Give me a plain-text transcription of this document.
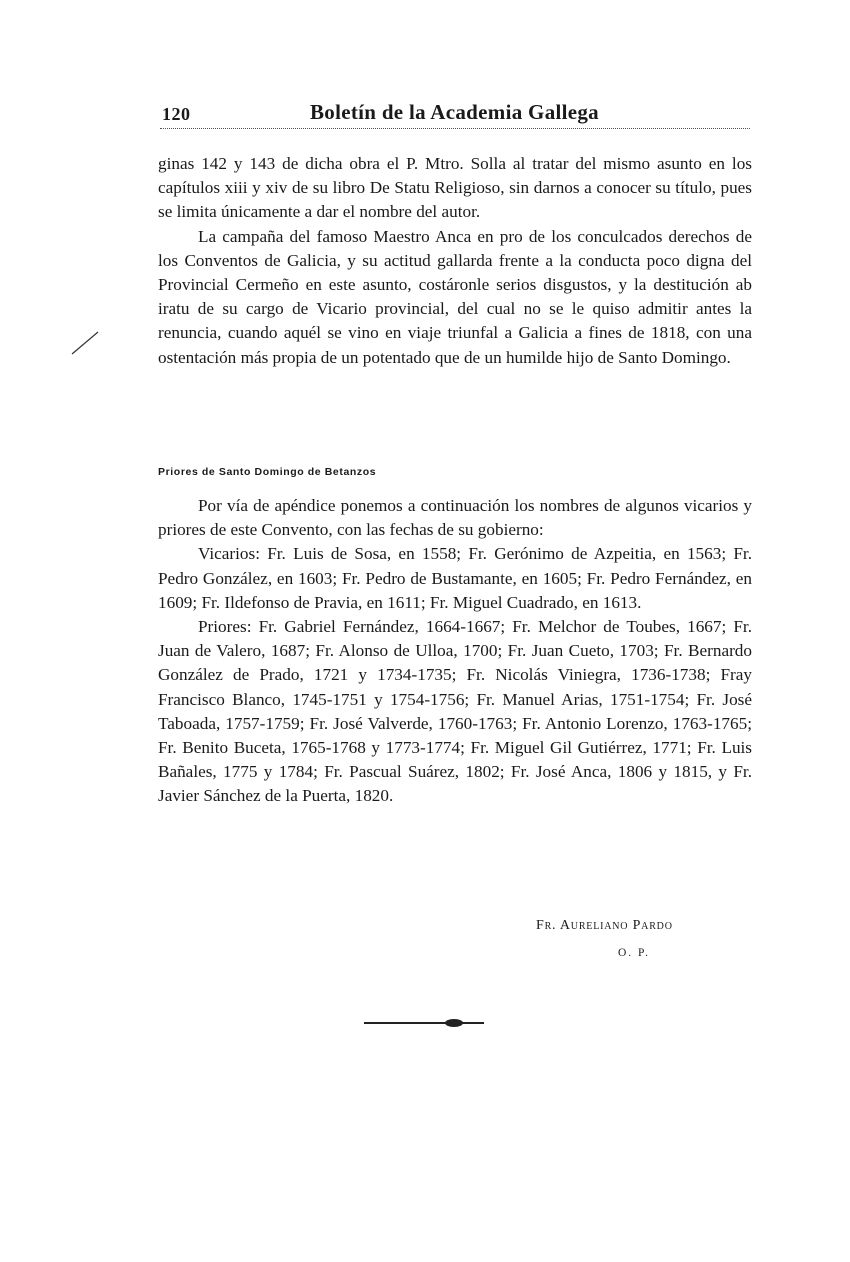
120	Boletín de la Academia Gallega

ginas 142 y 143 de dicha obra el P. Mtro. Solla al tratar del mismo asunto en los capítulos xiii y xiv de su libro De Statu Religioso, sin darnos a conocer su título, pues se limita únicamente a dar el nombre del autor.

La campaña del famoso Maestro Anca en pro de los conculcados derechos de los Conventos de Galicia, y su actitud gallarda frente a la conducta poco digna del Provincial Cermeño en este asunto, costáronle serios disgustos, y la destitución ab iratu de su cargo de Vicario provincial, del cual no se le quiso admitir antes la renuncia, cuando aquél se vino en viaje triunfal a Galicia a fines de 1818, con una ostentación más propia de un potentado que de un humilde hijo de Santo Domingo.

Priores de Santo Domingo de Betanzos

Por vía de apéndice ponemos a continuación los nombres de algunos vicarios y priores de este Convento, con las fechas de su gobierno:

Vicarios: Fr. Luis de Sosa, en 1558; Fr. Gerónimo de Azpeitia, en 1563; Fr. Pedro González, en 1603; Fr. Pedro de Bustamante, en 1605; Fr. Pedro Fernández, en 1609; Fr. Ildefonso de Pravia, en 1611; Fr. Miguel Cuadrado, en 1613.

Priores: Fr. Gabriel Fernández, 1664-1667; Fr. Melchor de Toubes, 1667; Fr. Juan de Valero, 1687; Fr. Alonso de Ulloa, 1700; Fr. Juan Cueto, 1703; Fr. Bernardo González de Prado, 1721 y 1734-1735; Fr. Nicolás Viniegra, 1736-1738; Fray Francisco Blanco, 1745-1751 y 1754-1756; Fr. Manuel Arias, 1751-1754; Fr. José Taboada, 1757-1759; Fr. José Valverde, 1760-1763; Fr. Antonio Lorenzo, 1763-1765; Fr. Benito Buceta, 1765-1768 y 1773-1774; Fr. Miguel Gil Gutiérrez, 1771; Fr. Luis Bañales, 1775 y 1784; Fr. Pascual Suárez, 1802; Fr. José Anca, 1806 y 1815, y Fr. Javier Sánchez de la Puerta, 1820.

Fr. Aureliano Pardo
O. P.
